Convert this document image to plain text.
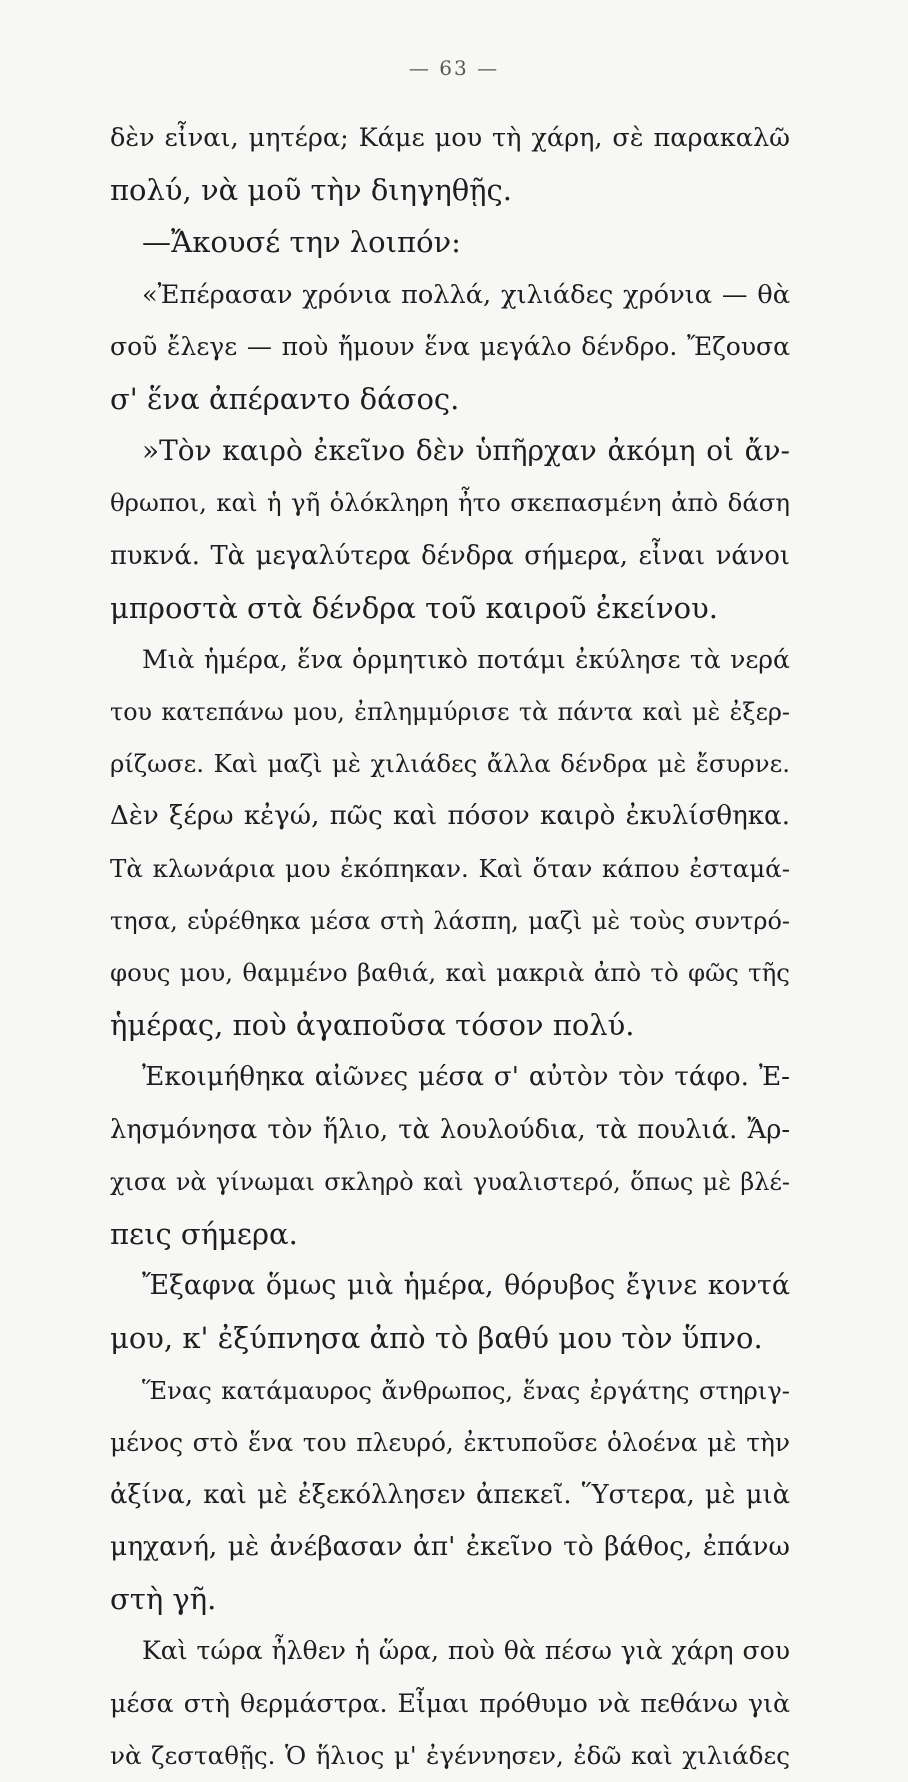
— 63 —
δὲν εἶναι, μητέρα; Κάμε μου τὴ χάρη, σὲ παρακαλῶ
πολύ, νὰ μοῦ τὴν διηγηθῇς.
—Ἄκουσέ την λοιπόν:
«Ἐπέρασαν χρόνια πολλά, χιλιάδες χρόνια — θὰ
σοῦ ἔλεγε — ποὺ ἤμουν ἕνα μεγάλο δένδρο. Ἔζουσα
σ' ἕνα ἀπέραντο δάσος.
»Τὸν καιρὸ ἐκεῖνο δὲν ὑπῆρχαν ἀκόμη οἱ ἄν-
θρωποι, καὶ ἡ γῆ ὁλόκληρη ἦτο σκεπασμένη ἀπὸ δάση
πυκνά. Τὰ μεγαλύτερα δένδρα σήμερα, εἶναι νάνοι
μπροστὰ στὰ δένδρα τοῦ καιροῦ ἐκείνου.
Μιὰ ἡμέρα, ἕνα ὁρμητικὸ ποτάμι ἐκύλησε τὰ νερά
του κατεπάνω μου, ἐπλημμύρισε τὰ πάντα καὶ μὲ ἐξερ-
ρίζωσε. Καὶ μαζὶ μὲ χιλιάδες ἄλλα δένδρα μὲ ἔσυρνε.
Δὲν ξέρω κἐγώ, πῶς καὶ πόσον καιρὸ ἐκυλίσθηκα.
Τὰ κλωνάρια μου ἐκόπηκαν. Καὶ ὅταν κάπου ἐσταμά-
τησα, εὑρέθηκα μέσα στὴ λάσπη, μαζὶ μὲ τοὺς συντρό-
φους μου, θαμμένο βαθιά, καὶ μακριὰ ἀπὸ τὸ φῶς τῆς
ἡμέρας, ποὺ ἀγαποῦσα τόσον πολύ.
Ἐκοιμήθηκα αἰῶνες μέσα σ' αὐτὸν τὸν τάφο. Ἐ-
λησμόνησα τὸν ἥλιο, τὰ λουλούδια, τὰ πουλιά. Ἄρ-
χισα νὰ γίνωμαι σκληρὸ καὶ γυαλιστερό, ὅπως μὲ βλέ-
πεις σήμερα.
Ἔξαφνα ὅμως μιὰ ἡμέρα, θόρυβος ἔγινε κοντά
μου, κ' ἐξύπνησα ἀπὸ τὸ βαθύ μου τὸν ὕπνο.
Ἕνας κατάμαυρος ἄνθρωπος, ἕνας ἐργάτης στηριγ-
μένος στὸ ἕνα του πλευρό, ἐκτυποῦσε ὁλοένα μὲ τὴν
ἀξίνα, καὶ μὲ ἐξεκόλλησεν ἀπεκεῖ. Ὕστερα, μὲ μιὰ
μηχανή, μὲ ἀνέβασαν ἀπ' ἐκεῖνο τὸ βάθος, ἐπάνω
στὴ γῆ.
Καὶ τώρα ἦλθεν ἡ ὥρα, ποὺ θὰ πέσω γιὰ χάρη σου
μέσα στὴ θερμάστρα. Εἶμαι πρόθυμο νὰ πεθάνω γιὰ
νὰ ζεσταθῇς. Ὁ ἥλιος μ' ἐγέννησεν, ἐδῶ καὶ χιλιάδες
